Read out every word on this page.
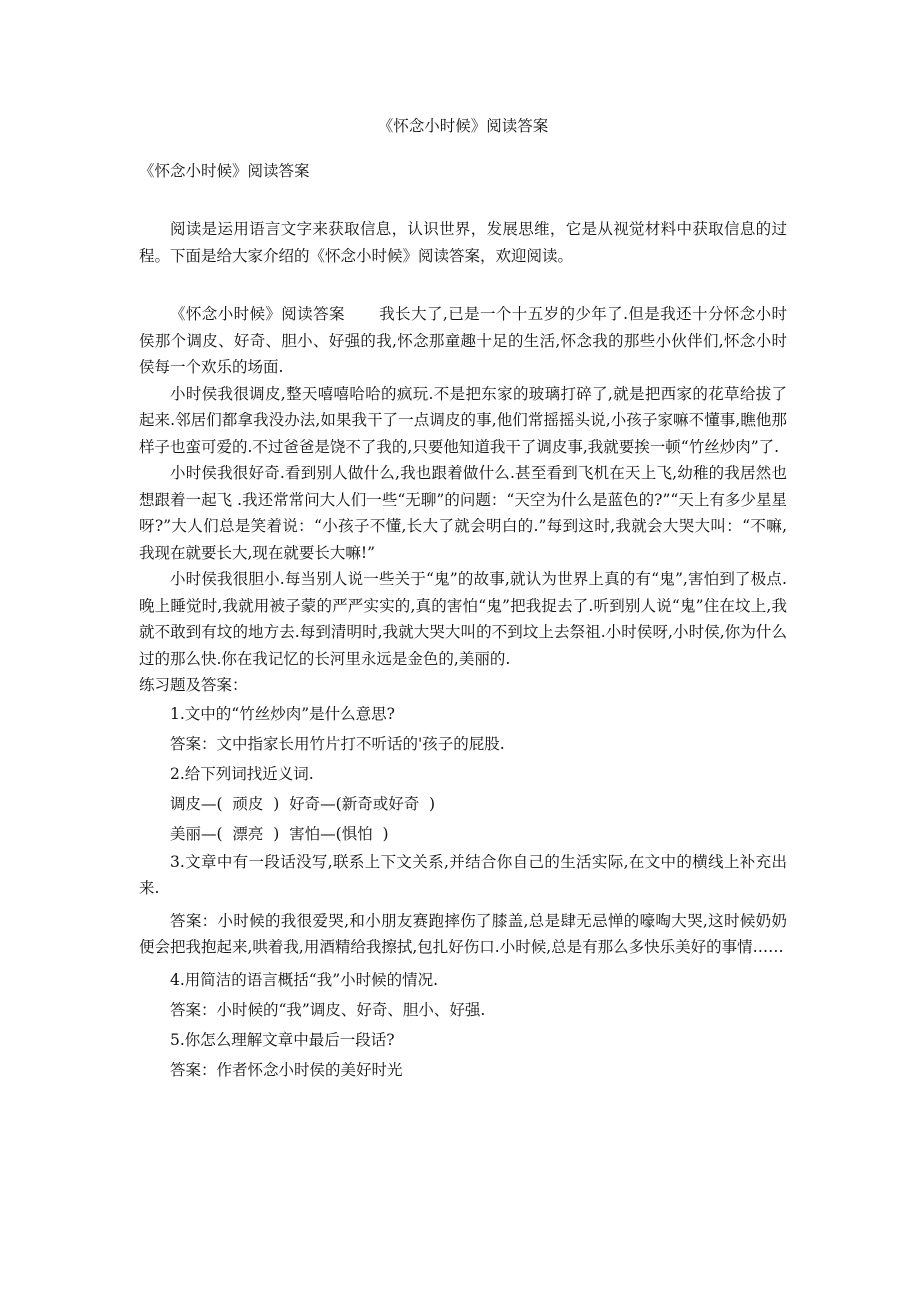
《怀念小时候》阅读答案

《怀念小时候》阅读答案

阅读是运用语言文字来获取信息，认识世界，发展思维，它是从视觉材料中获取信息的过程。下面是给大家介绍的《怀念小时候》阅读答案，欢迎阅读。

《怀念小时候》阅读答案 我长大了,已是一个十五岁的少年了.但是我还十分怀念小时侯那个调皮、好奇、胆小、好强的我,怀念那童趣十足的生活,怀念我的那些小伙伴们,怀念小时侯每一个欢乐的场面.

小时侯我很调皮,整天嘻嘻哈哈的疯玩.不是把东家的玻璃打碎了,就是把西家的花草给拔了起来.邻居们都拿我没办法,如果我干了一点调皮的事,他们常摇摇头说,小孩子家嘛不懂事,瞧他那样子也蛮可爱的.不过爸爸是饶不了我的,只要他知道我干了调皮事,我就要挨一顿“竹丝炒肉”了.

小时侯我很好奇.看到别人做什么,我也跟着做什么.甚至看到飞机在天上飞,幼稚的我居然也想跟着一起飞 .我还常常问大人们一些“无聊”的问题：“天空为什么是蓝色的?”“天上有多少星星呀?”大人们总是笑着说：“小孩子不懂,长大了就会明白的.”每到这时,我就会大哭大叫：“不嘛,我现在就要长大,现在就要长大嘛!”

小时侯我很胆小.每当别人说一些关于“鬼”的故事,就认为世界上真的有“鬼”,害怕到了极点.晚上睡觉时,我就用被子蒙的严严实实的,真的害怕“鬼”把我捉去了.听到别人说“鬼”住在坟上,我就不敢到有坟的地方去.每到清明时,我就大哭大叫的不到坟上去祭祖.小时侯呀,小时侯,你为什么过的那么快.你在我记忆的长河里永远是金色的,美丽的.

练习题及答案：

1.文中的“竹丝炒肉”是什么意思?

答案：文中指家长用竹片打不听话的'孩子的屁股.

2.给下列词找近义词.

调皮—(  顽皮  )  好奇—(新奇或好奇  )

美丽—(  漂亮  )  害怕—(惧怕  )

3.文章中有一段话没写,联系上下文关系,并结合你自己的生活实际,在文中的横线上补充出来.

答案：小时候的我很爱哭,和小朋友赛跑摔伤了膝盖,总是肆无忌惮的嚎啕大哭,这时候奶奶便会把我抱起来,哄着我,用酒精给我擦拭,包扎好伤口.小时候,总是有那么多快乐美好的事情……

4.用简洁的语言概括“我”小时候的情况.

答案：小时候的“我”调皮、好奇、胆小、好强.

5.你怎么理解文章中最后一段话?

答案：作者怀念小时侯的美好时光
